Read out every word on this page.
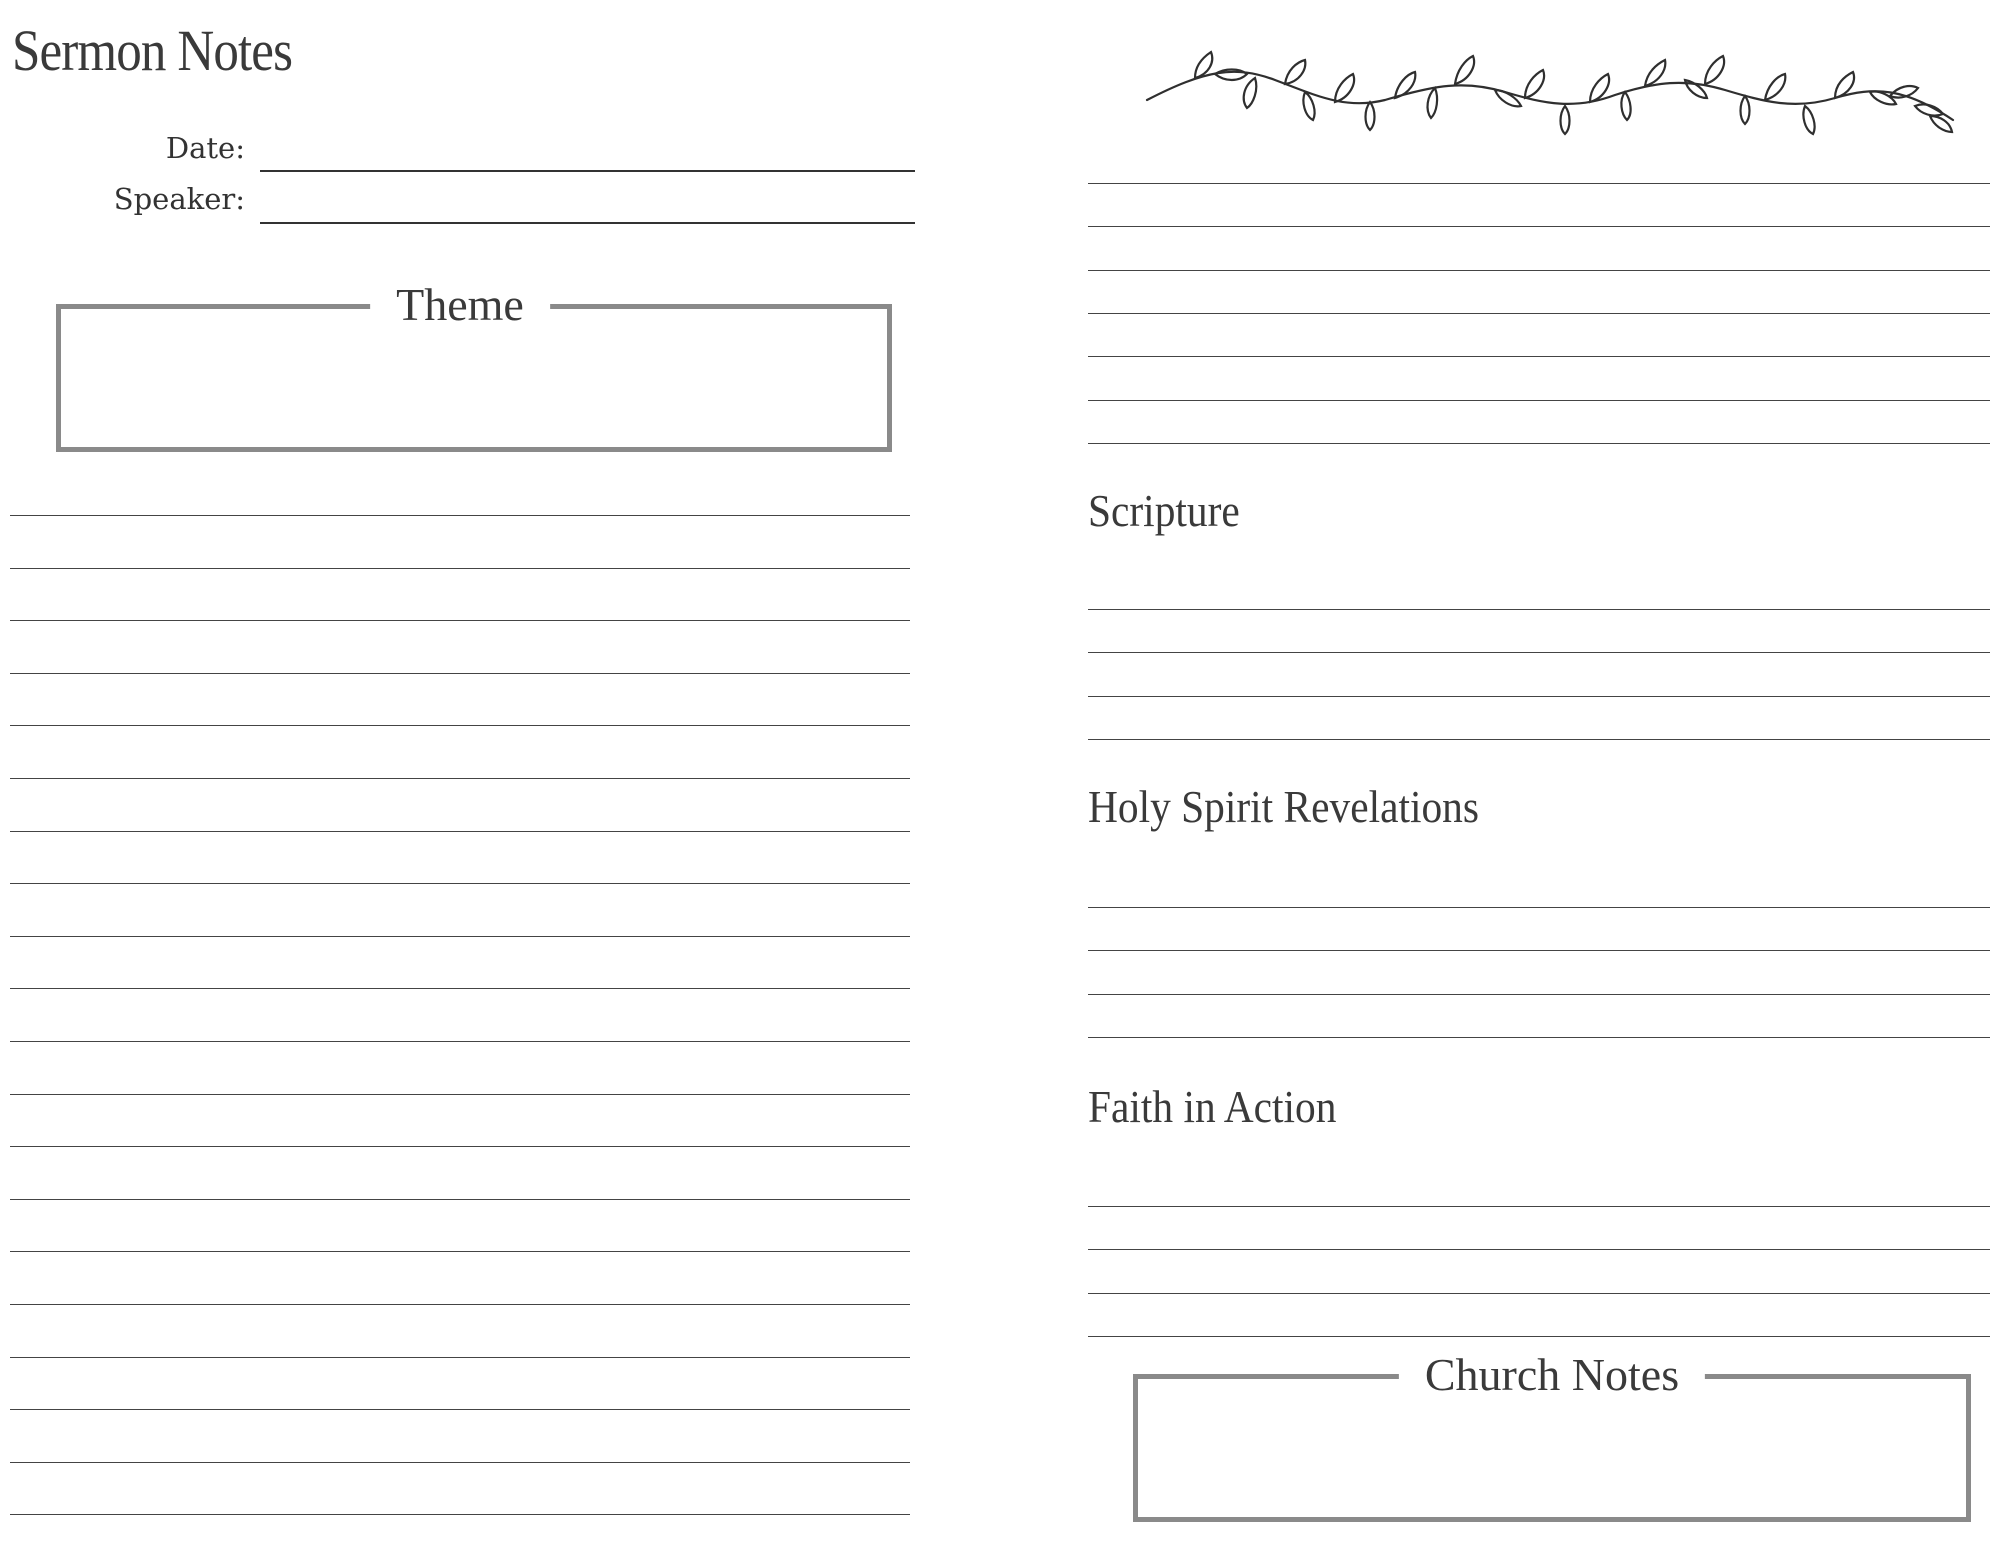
Sermon Notes
Date:
Speaker:
Theme
Scripture
Holy Spirit Revelations
Faith in Action
Church Notes
